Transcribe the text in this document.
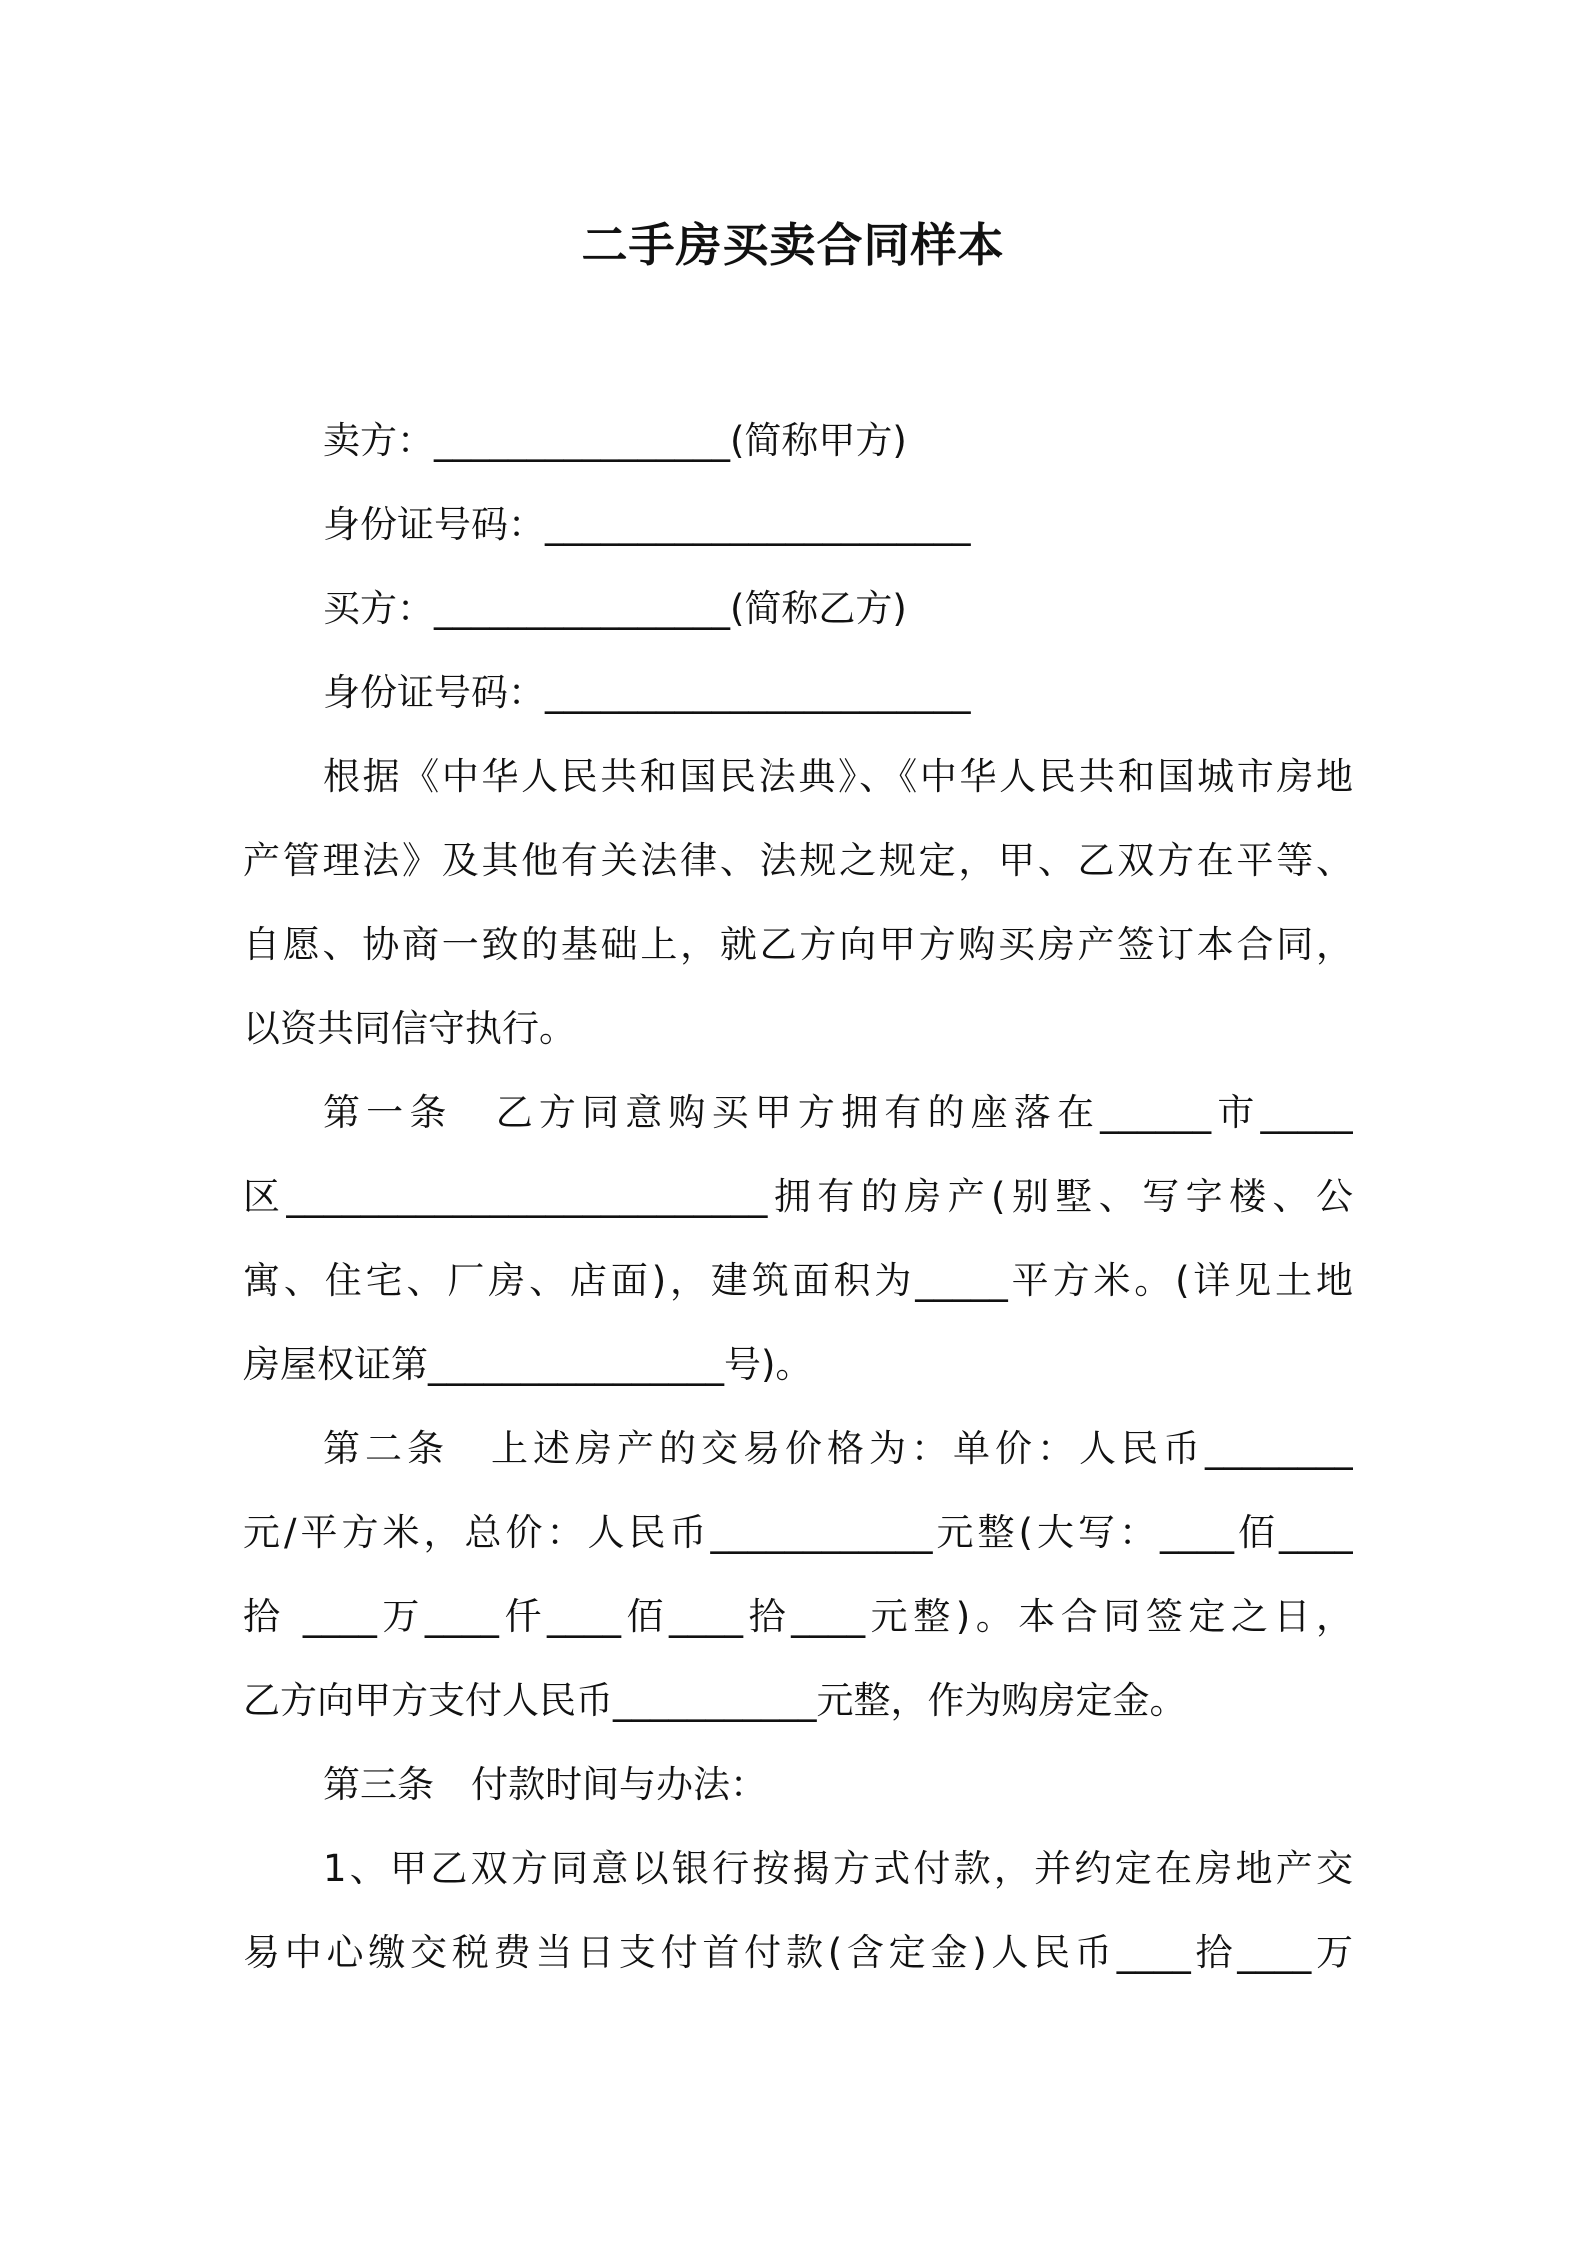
二手房买卖合同样本
卖方：________________(简称甲方)
身份证号码：_______________________
买方：________________(简称乙方)
身份证号码：_______________________
根据《中华人民共和国民法典》、《中华人民共和国城市房地
产管理法》及其他有关法律、法规之规定，甲、乙双方在平等、
自愿、协商一致的基础上，就乙方向甲方购买房产签订本合同，
以资共同信守执行。
第一条　乙方同意购买甲方拥有的座落在______市_____
区__________________________拥有的房产(别墅、写字楼、公
寓、住宅、厂房、店面)，建筑面积为_____平方米。(详见土地
房屋权证第________________号)。
第二条　上述房产的交易价格为：单价：人民币________
元/平方米，总价：人民币____________元整(大写：____佰____
拾 ____万____仟____佰____拾____元整)。本合同签定之日，
乙方向甲方支付人民币___________元整，作为购房定金。
第三条　付款时间与办法：
1、甲乙双方同意以银行按揭方式付款，并约定在房地产交
易中心缴交税费当日支付首付款(含定金)人民币____拾____万
